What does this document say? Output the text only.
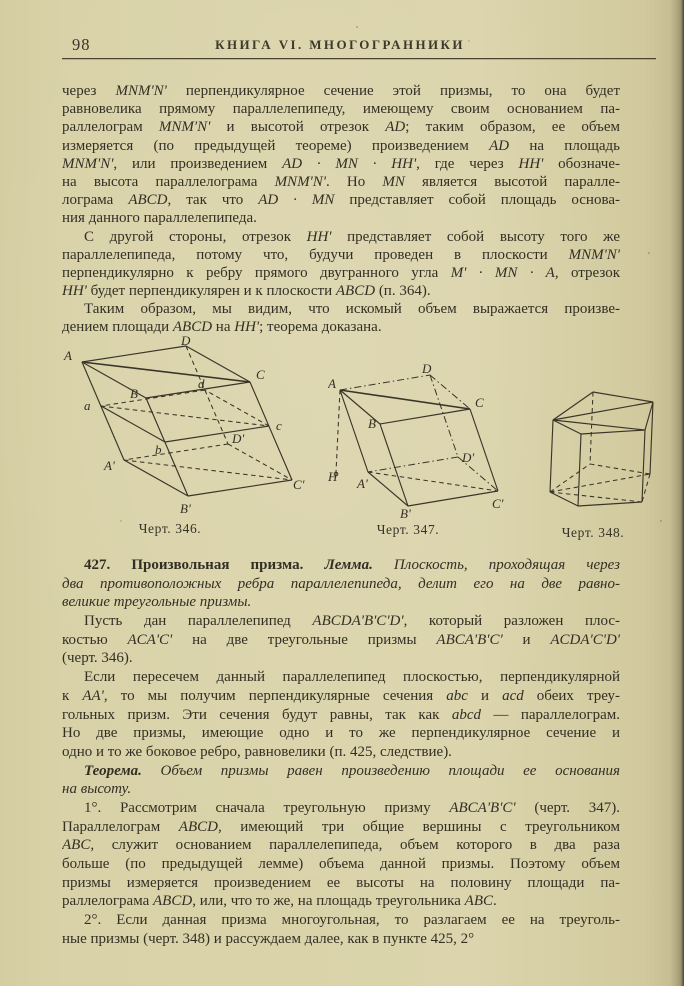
98	КНИГА VI. МНОГОГРАННИКИ
через MNM'N' перпендикулярное сечение этой призмы, то она будет
равновелика прямому параллелепипеду, имеющему своим основанием па-
раллелограм MNM'N' и высотой отрезок AD; таким образом, ее объем
измеряется (по предыдущей теореме) произведением AD на площадь
MNM'N', или произведением AD · MN · HH', где через HH' обозначе-
на высота параллелограма MNM'N'. Но MN является высотой паралле-
лограма ABCD, так что AD · MN представляет собой площадь основа-
ния данного параллелепипеда.
С другой стороны, отрезок HH' представляет собой высоту того же
параллелепипеда, потому что, будучи проведен в плоскости MNM'N'
перпендикулярно к ребру прямого двугранного угла M' · MN · A, отрезок
HH' будет перпендикулярен и к плоскости ABCD (п. 364).
Таким образом, мы видим, что искомый объем выражается произве-
дением площади ABCD на HH'; теорема доказана.
A
D
C
B
d
c
a
b
D'
A'
B'
C'
Черт. 346.
A
D
C
B
D'
H A'
B'
C'
Черт. 347.	Черт. 348.
427. Произвольная призма. Лемма. Плоскость, проходящая через
два противоположных ребра параллелепипеда, делит его на две равно-
великие треугольные призмы.
Пусть дан параллелепипед ABCDA'B'C'D', который разложен плос-
костью ACA'C' на две треугольные призмы ABCA'B'C' и ACDA'C'D'
(черт. 346).
Если пересечем данный параллелепипед плоскостью, перпендикулярной
к AA', то мы получим перпендикулярные сечения abc и acd обеих треу-
гольных призм. Эти сечения будут равны, так как abcd — параллелограм.
Но две призмы, имеющие одно и то же перпендикулярное сечение и
одно и то же боковое ребро, равновелики (п. 425, следствие).
Теорема. Объем призмы равен произведению площади ее основания
на высоту.
1°. Рассмотрим сначала треугольную призму ABCA'B'C' (черт. 347).
Параллелограм ABCD, имеющий три общие вершины с треугольником
ABC, служит основанием параллелепипеда, объем которого в два раза
больше (по предыдущей лемме) объема данной призмы. Поэтому объем
призмы измеряется произведением ее высоты на половину площади па-
раллелограма ABCD, или, что то же, на площадь треугольника ABC.
2°. Если данная призма многоугольная, то разлагаем ее на треуголь-
ные призмы (черт. 348) и рассуждаем далее, как в пункте 425, 2°
